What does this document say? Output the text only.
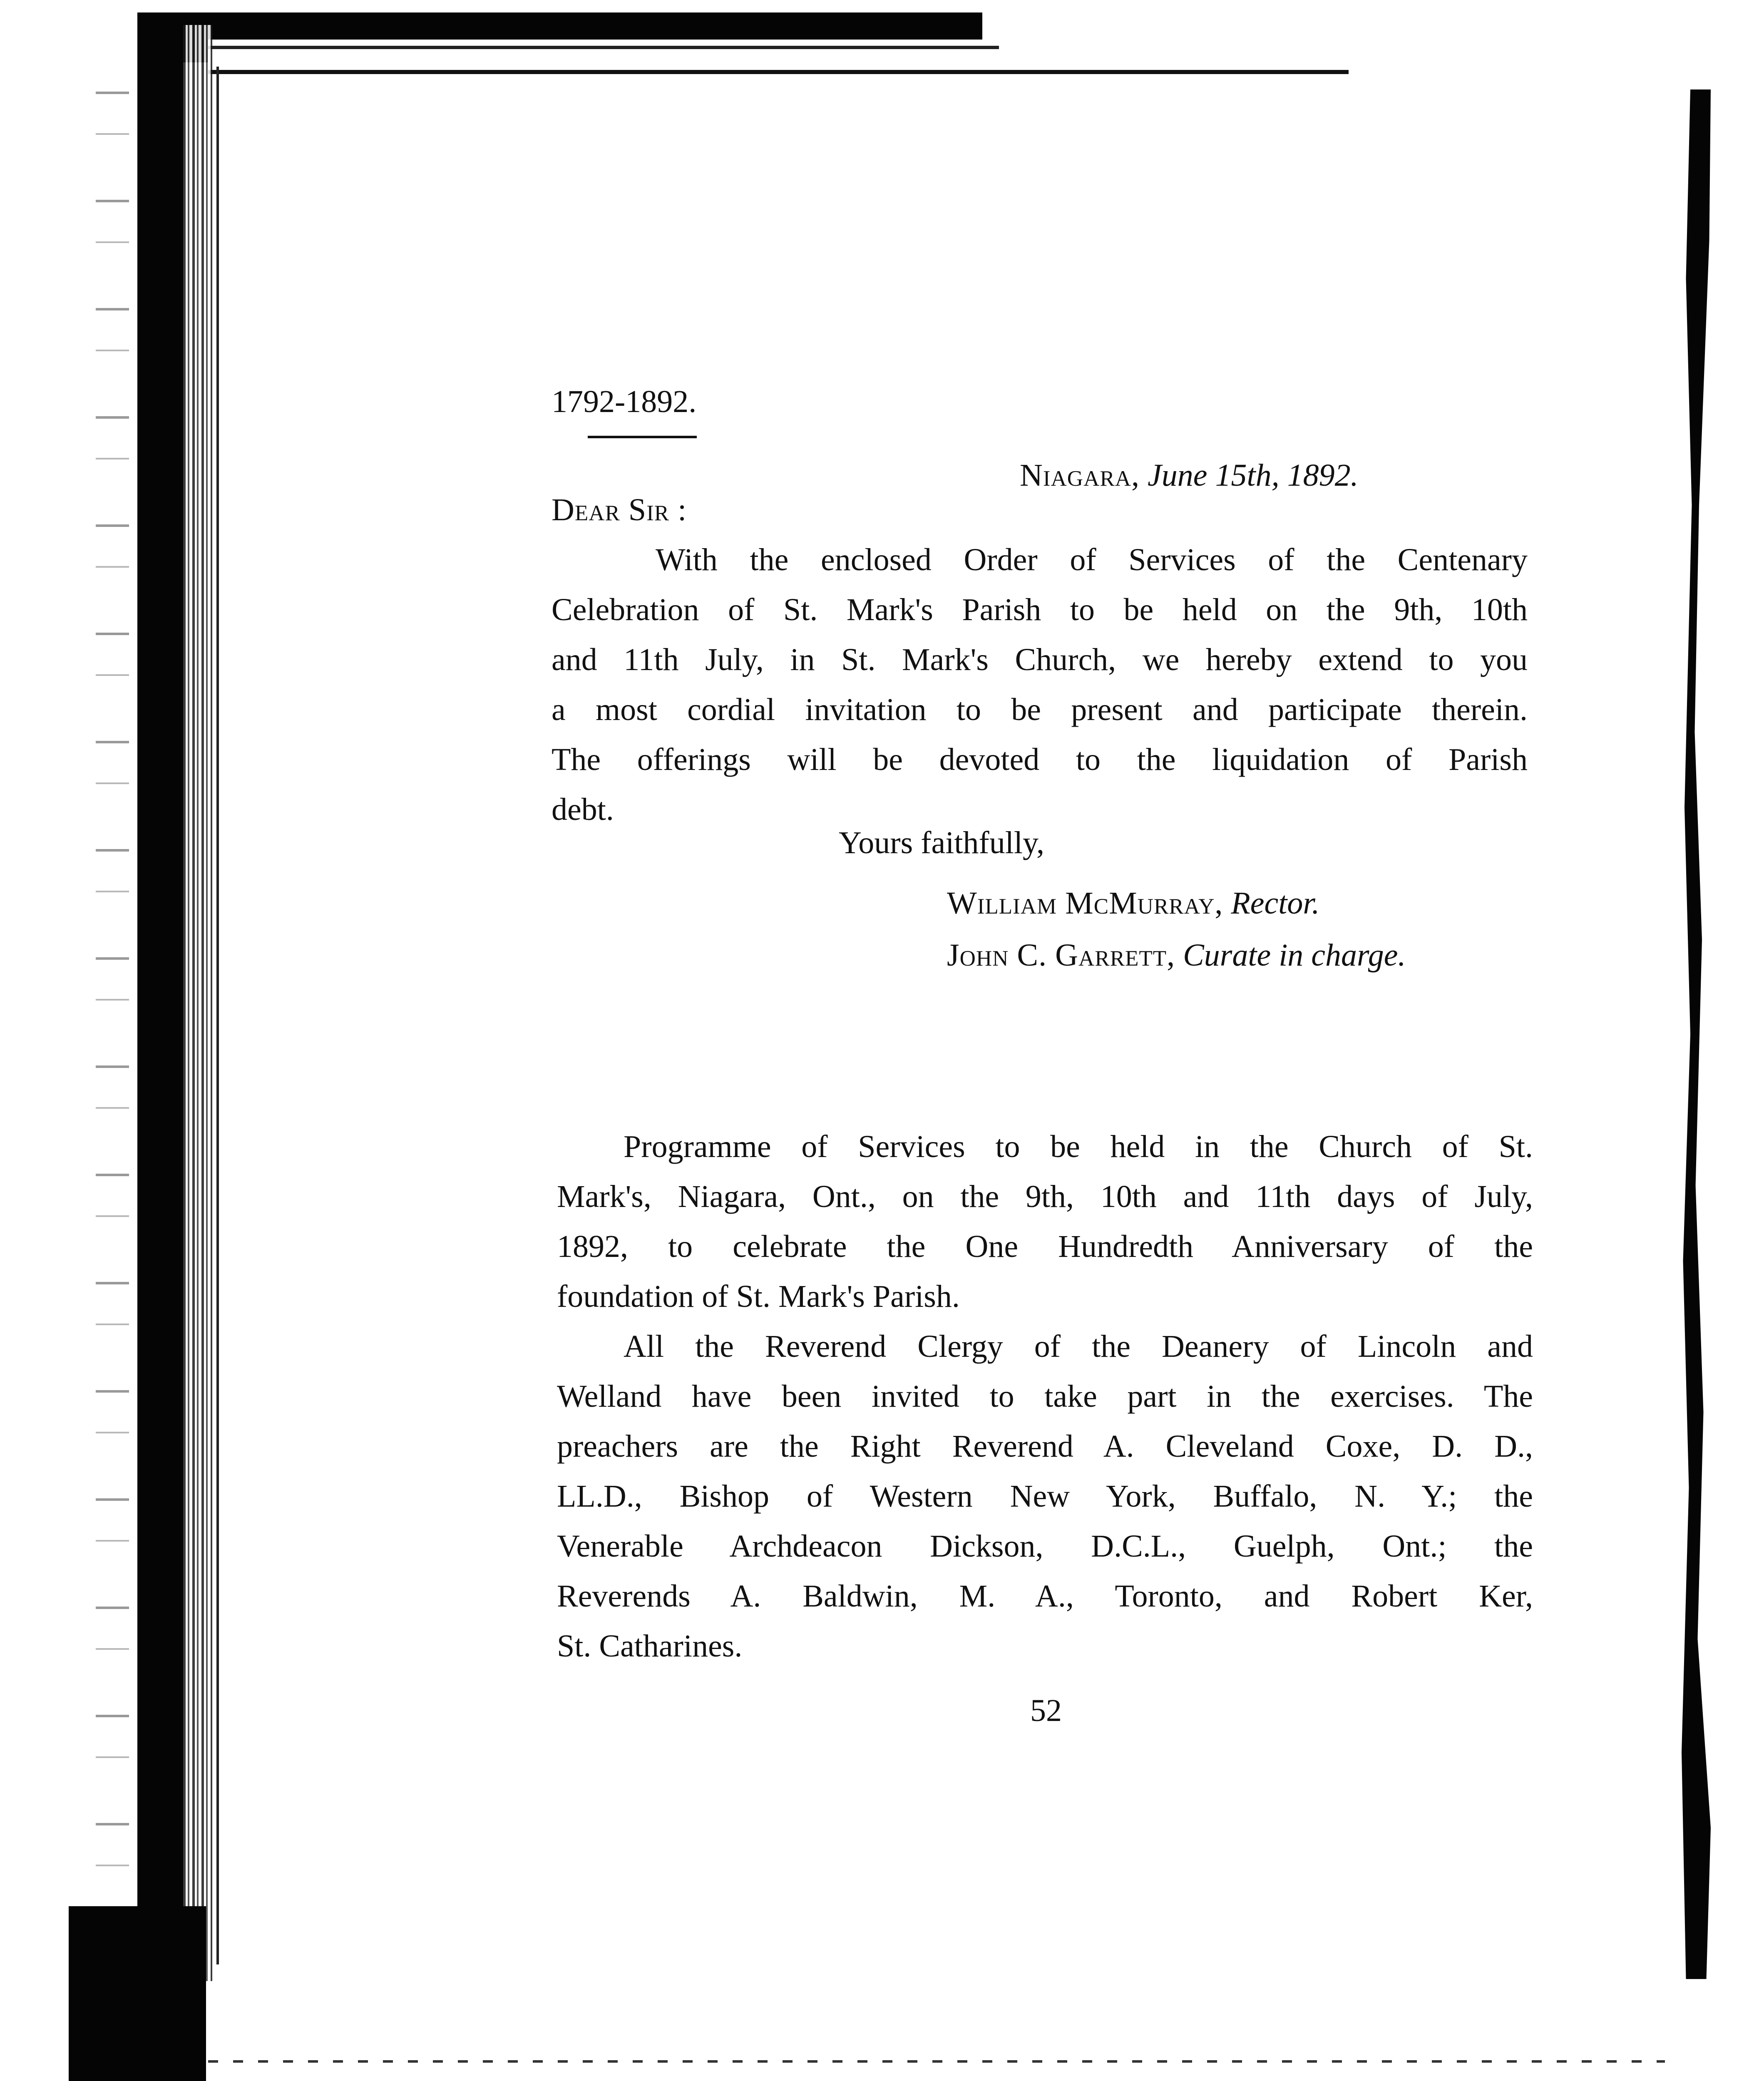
1792-1892.
Niagara, June 15th, 1892.
Dear Sir :
With the enclosed Order of Services of the Centenary
Celebration of St. Mark's Parish to be held on the 9th, 10th
and 11th July, in St. Mark's Church, we hereby extend to you
a most cordial invitation to be present and participate therein.
The offerings will be devoted to the liquidation of Parish
debt.
Yours faithfully,
William McMurray, Rector.
John C. Garrett, Curate in charge.
Programme of Services to be held in the Church of St.
Mark's, Niagara, Ont., on the 9th, 10th and 11th days of July,
1892, to celebrate the One Hundredth Anniversary of the
foundation of St. Mark's Parish.
All the Reverend Clergy of the Deanery of Lincoln and
Welland have been invited to take part in the exercises. The
preachers are the Right Reverend A. Cleveland Coxe, D. D.,
LL.D., Bishop of Western New York, Buffalo, N. Y.; the
Venerable Archdeacon Dickson, D.C.L., Guelph, Ont.; the
Reverends A. Baldwin, M. A., Toronto, and Robert Ker,
St. Catharines.
52
